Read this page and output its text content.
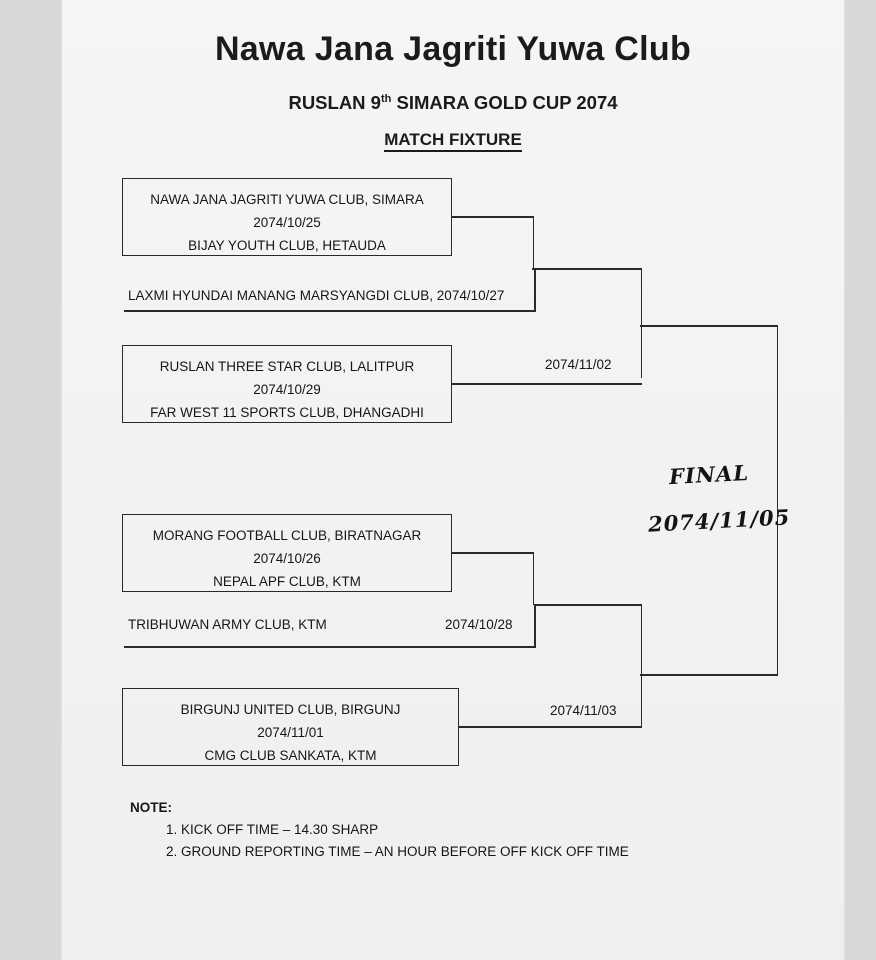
Nawa Jana Jagriti Yuwa Club
RUSLAN 9th SIMARA GOLD CUP 2074
MATCH FIXTURE
NAWA JANA JAGRITI YUWA CLUB, SIMARA
2074/10/25
BIJAY YOUTH CLUB, HETAUDA
LAXMI HYUNDAI MANANG MARSYANGDI CLUB, 2074/10/27
RUSLAN THREE STAR CLUB, LALITPUR
2074/10/29
FAR WEST 11 SPORTS CLUB, DHANGADHI
2074/11/02
FINAL
2074/11/05
MORANG FOOTBALL CLUB, BIRATNAGAR
2074/10/26
NEPAL APF CLUB, KTM
TRIBHUWAN ARMY CLUB, KTM	2074/10/28
BIRGUNJ UNITED CLUB, BIRGUNJ
2074/11/01
CMG CLUB SANKATA, KTM
2074/11/03
NOTE:
1. KICK OFF TIME – 14.30 SHARP
2. GROUND REPORTING TIME – AN HOUR BEFORE OFF KICK OFF TIME
